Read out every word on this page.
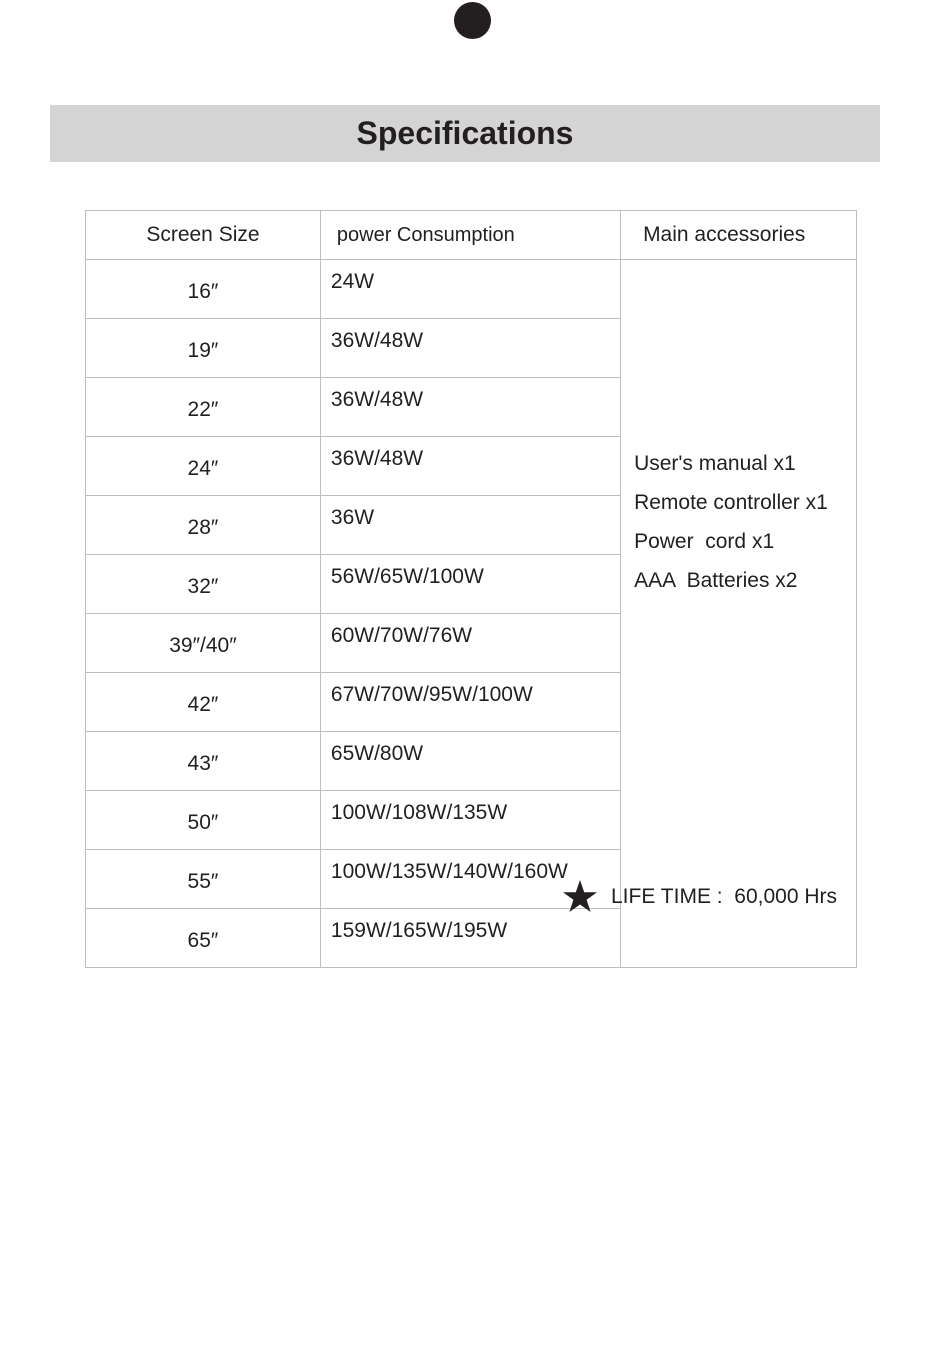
Specifications
Screen Size	power Consumption	Main accessories
16″	24W	User's manual x1
Remote controller x1
Power  cord x1
AAA  Batteries x2

19″	36W/48W	
22″	36W/48W	
24″	36W/48W	
28″	36W	
32″	56W/65W/100W	
39″/40″	60W/70W/76W	
42″	67W/70W/95W/100W	
43″	65W/80W	
50″	100W/108W/135W	
55″	100W/135W/140W/160W	
65″	159W/165W/195W	
LIFE TIME :  60,000 Hrs
